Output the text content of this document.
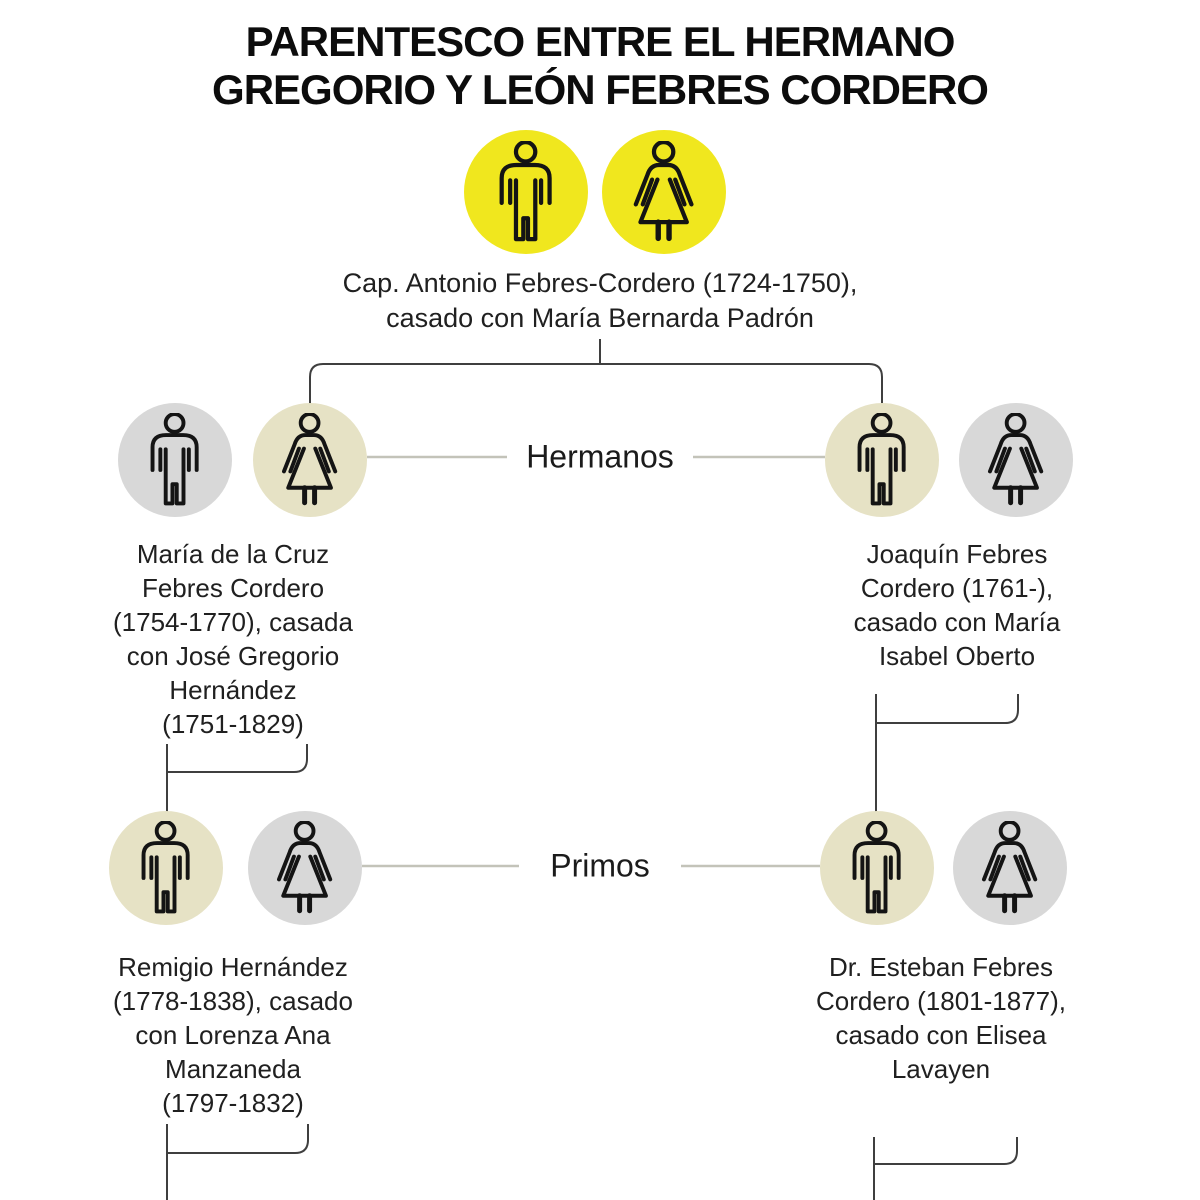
PARENTESCO ENTRE EL HERMANO
GREGORIO Y LEÓN FEBRES CORDERO
Cap. Antonio Febres-Cordero (1724-1750),
casado con María Bernarda Padrón
Hermanos
María de la Cruz
Febres Cordero
(1754-1770), casada
con José Gregorio
Hernández
(1751-1829)
Joaquín Febres
Cordero (1761-),
casado con María
Isabel Oberto
Primos
Remigio Hernández
(1778-1838), casado
con Lorenza Ana
Manzaneda
(1797-1832)
Dr. Esteban Febres
Cordero (1801-1877),
casado con Elisea
Lavayen
